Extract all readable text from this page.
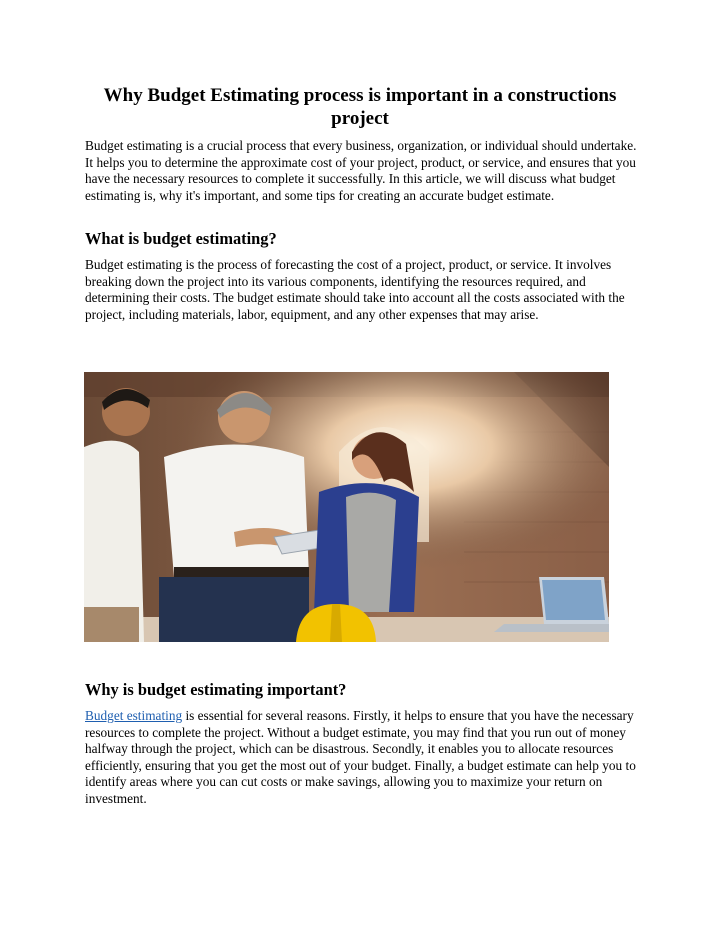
Why Budget Estimating process is important in a constructions project

Budget estimating is a crucial process that every business, organization, or individual should undertake. It helps you to determine the approximate cost of your project, product, or service, and ensures that you have the necessary resources to complete it successfully. In this article, we will discuss what budget estimating is, why it's important, and some tips for creating an accurate budget estimate.

What is budget estimating?

Budget estimating is the process of forecasting the cost of a project, product, or service. It involves breaking down the project into its various components, identifying the resources required, and determining their costs. The budget estimate should take into account all the costs associated with the project, including materials, labor, equipment, and any other expenses that may arise.

Why is budget estimating important?

Budget estimating is essential for several reasons. Firstly, it helps to ensure that you have the necessary resources to complete the project. Without a budget estimate, you may find that you run out of money halfway through the project, which can be disastrous. Secondly, it enables you to allocate resources efficiently, ensuring that you get the most out of your budget. Finally, a budget estimate can help you to identify areas where you can cut costs or make savings, allowing you to maximize your return on investment.
